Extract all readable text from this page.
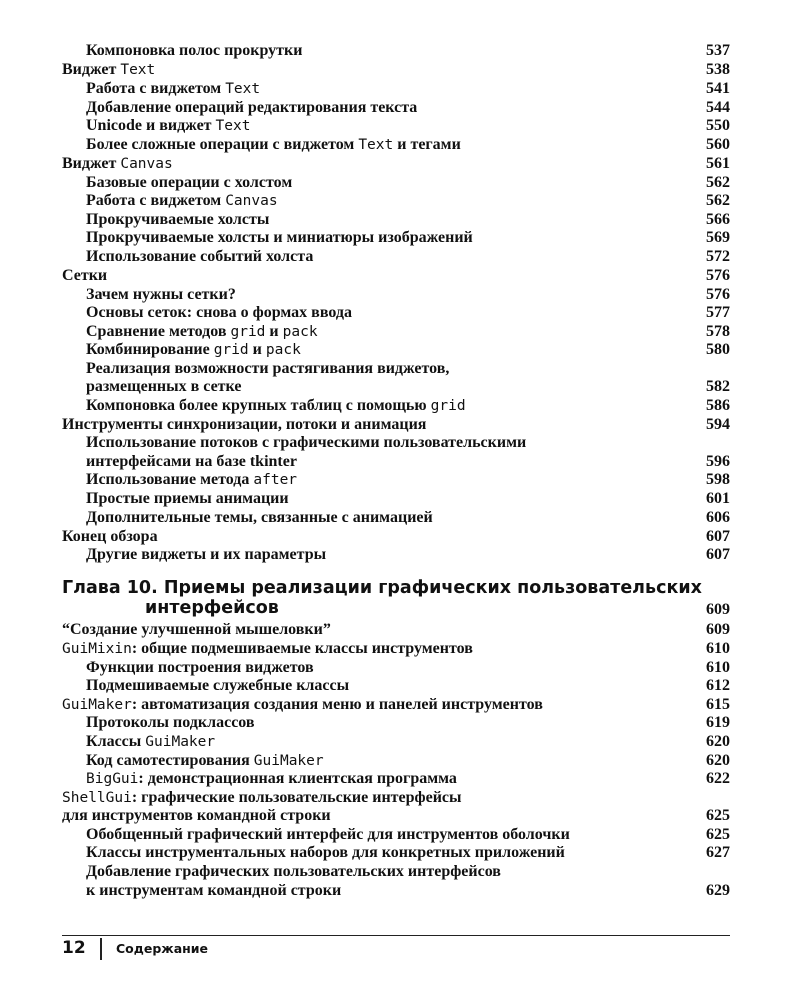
Компоновка полос прокрутки	537
Виджет Text	538
Работа с виджетом Text	541
Добавление операций редактирования текста	544
Unicode и виджет Text	550
Более сложные операции с виджетом Text и тегами	560
Виджет Canvas	561
Базовые операции с холстом	562
Работа с виджетом Canvas	562
Прокручиваемые холсты	566
Прокручиваемые холсты и миниатюры изображений	569
Использование событий холста	572
Сетки	576
Зачем нужны сетки?	576
Основы сеток: снова о формах ввода	577
Сравнение методов grid и pack	578
Комбинирование grid и pack	580
Реализация возможности растягивания виджетов,
размещенных в сетке	582
Компоновка более крупных таблиц с помощью grid	586
Инструменты синхронизации, потоки и анимация	594
Использование потоков с графическими пользовательскими
интерфейсами на базе tkinter	596
Использование метода after	598
Простые приемы анимации	601
Дополнительные темы, связанные с анимацией	606
Конец обзора	607
Другие виджеты и их параметры	607
Глава 10. Приемы реализации графических пользовательских
интерфейсов	609
“Создание улучшенной мышеловки”	609
GuiMixin: общие подмешиваемые классы инструментов	610
Функции построения виджетов	610
Подмешиваемые служебные классы	612
GuiMaker: автоматизация создания меню и панелей инструментов	615
Протоколы подклассов	619
Классы GuiMaker	620
Код самотестирования GuiMaker	620
BigGui: демонстрационная клиентская программа	622
ShellGui: графические пользовательские интерфейсы
для инструментов командной строки	625
Обобщенный графический интерфейс для инструментов оболочки	625
Классы инструментальных наборов для конкретных приложений	627
Добавление графических пользовательских интерфейсов
к инструментам командной строки	629
12 Содержание
